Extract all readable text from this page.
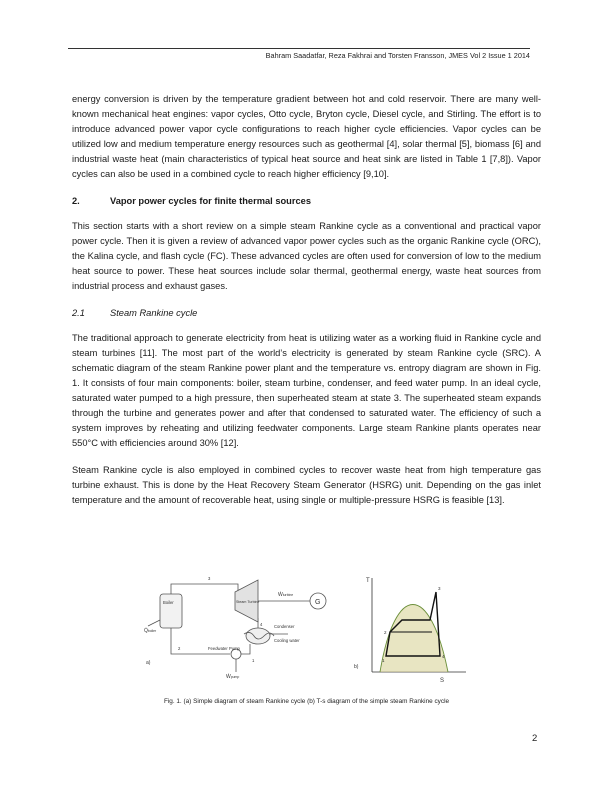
Bahram Saadatfar, Reza Fakhrai and Torsten Fransson, JMES Vol 2 Issue 1 2014

energy conversion is driven by the temperature gradient between hot and cold reservoir. There are many well-known mechanical heat engines: vapor cycles, Otto cycle, Bryton cycle, Diesel cycle, and Stirling. The effort is to introduce advanced power vapor cycle configurations to reach higher cycle efficiencies. Vapor cycles can be utilized low and medium temperature energy resources such as geothermal [4], solar thermal [5], biomass [6] and industrial waste heat (main characteristics of typical heat source and heat sink are listed in Table 1 [7,8]). Vapor cycles can also be used in a combined cycle to reach higher efficiency [9,10].

2.	Vapor power cycles for finite thermal sources

This section starts with a short review on a simple steam Rankine cycle as a conventional and practical vapor power cycle. Then it is given a review of advanced vapor power cycles such as the organic Rankine cycle (ORC), the Kalina cycle, and flash cycle (FC). These advanced cycles are often used for conversion of low to the medium heat source to power. These heat sources include solar thermal, geothermal energy, waste heat sources from industrial process and exhaust gases.

2.1	Steam Rankine cycle

The traditional approach to generate electricity from heat is utilizing water as a working fluid in Rankine cycle and steam turbines [11]. The most part of the world’s electricity is generated by steam Rankine cycle (SRC). A schematic diagram of the steam Rankine power plant and the temperature vs. entropy diagram are shown in Fig. 1. It consists of four main components: boiler, steam turbine, condenser, and feed water pump. In an ideal cycle, saturated water pumped to a high pressure, then superheated steam at state 3. The superheated steam expands through the turbine and generates power and after that condensed to saturated water. The efficiency of such a system improves by reheating and utilizing feedwater components. Large steam Rankine plants operates near 550°C with efficiencies around 30% [12].

Steam Rankine cycle is also employed in combined cycles to recover waste heat from high temperature gas turbine exhaust. This is done by the Heat Recovery Steam Generator (HSRG) unit. Depending on the gas inlet temperature and the amount of recoverable heat, using single or multiple-pressure HSRG is feasible [13].

Boiler	Steam Turbine
Ẇturbine
G
Condenser
Cooling water
Feedwater Pump
Ẇpump
Q̇boiler
a)
3
4
2
1
T
S
b)
1
2
3
4
Fig. 1. (a) Simple diagram of steam Rankine cycle (b) T-s diagram of the simple steam Rankine cycle
2
